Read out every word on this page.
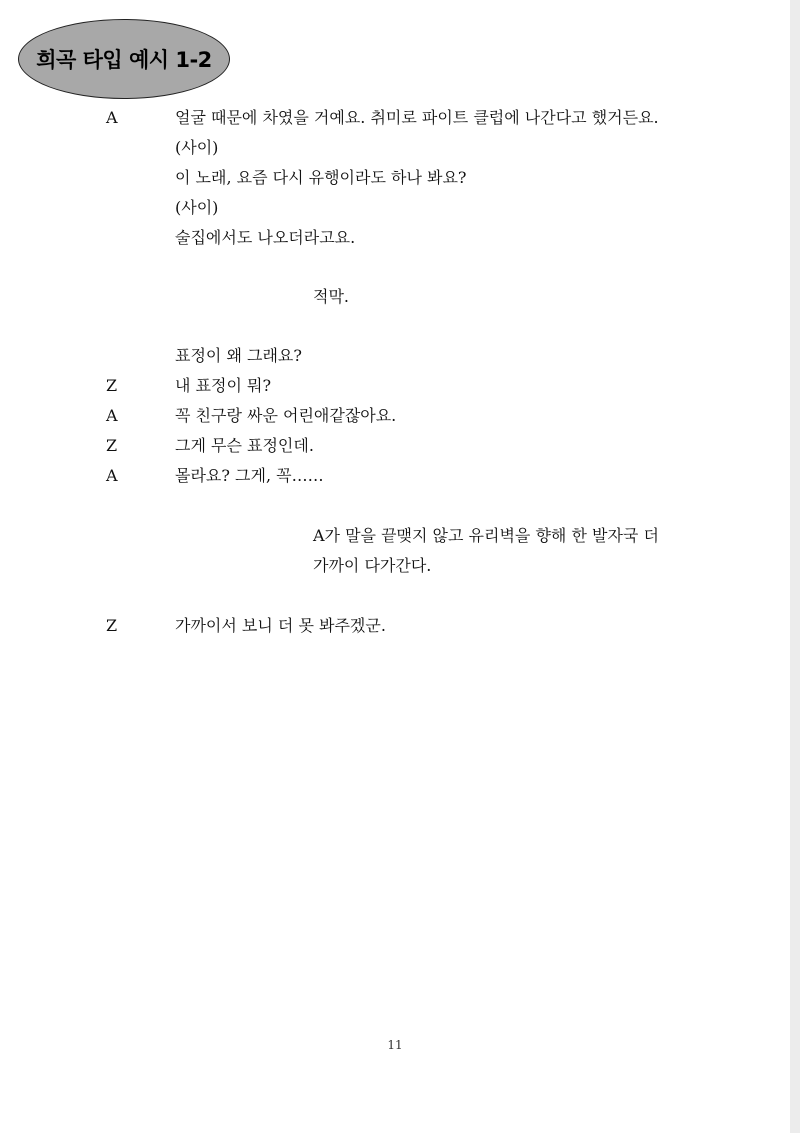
희곡 타입 예시 1-2
A	얼굴 때문에 차였을 거예요. 취미로 파이트 클럽에 나간다고 했거든요.
(사이)
이 노래, 요즘 다시 유행이라도 하나 봐요?
(사이)
술집에서도 나오더라고요.
적막.
표정이 왜 그래요?
Z	내 표정이 뭐?
A	꼭 친구랑 싸운 어린애같잖아요.
Z	그게 무슨 표정인데.
A	몰라요? 그게, 꼭……
A가 말을 끝맺지 않고 유리벽을 향해 한 발자국 더
가까이 다가간다.
Z	가까이서 보니 더 못 봐주겠군.
11
